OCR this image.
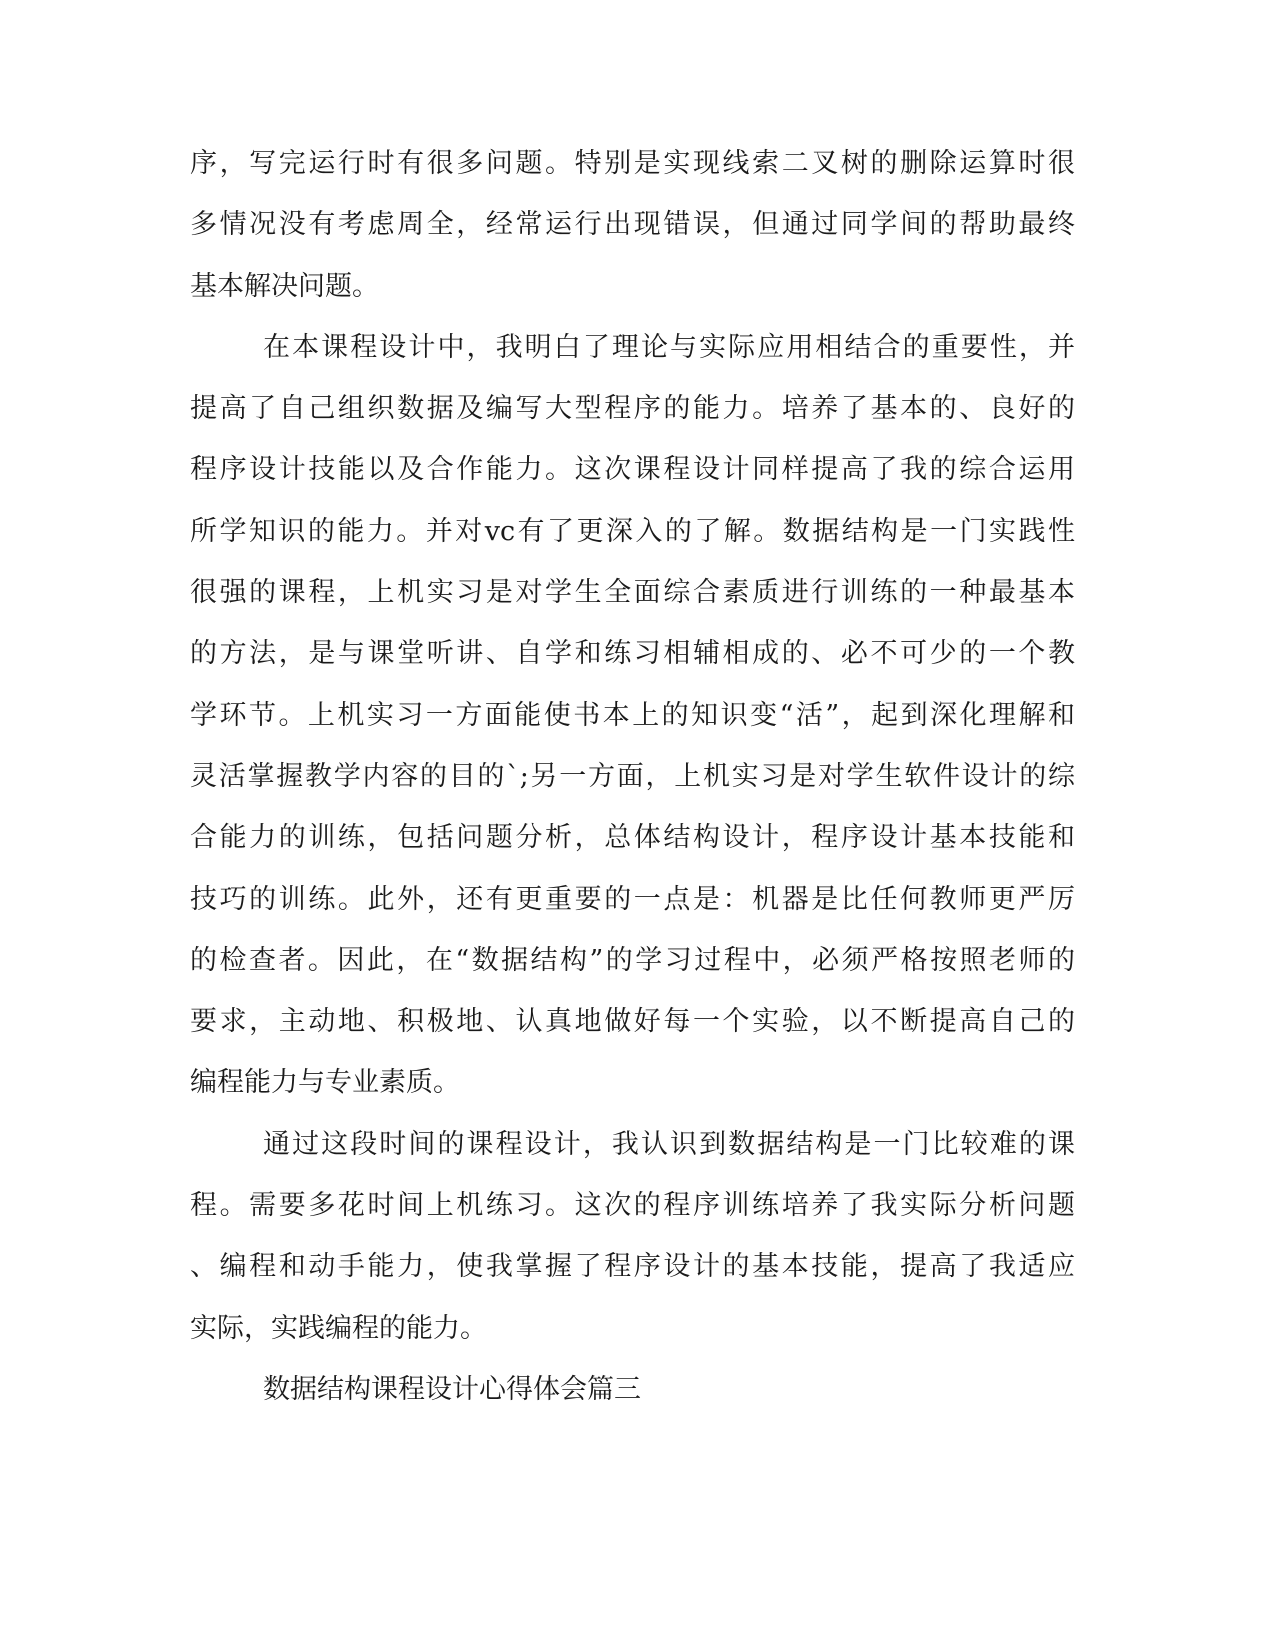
序，写完运行时有很多问题。特别是实现线索二叉树的删除运算时很
多情况没有考虑周全，经常运行出现错误，但通过同学间的帮助最终
基本解决问题。
在本课程设计中，我明白了理论与实际应用相结合的重要性，并
提高了自己组织数据及编写大型程序的能力。培养了基本的、良好的
程序设计技能以及合作能力。这次课程设计同样提高了我的综合运用
所学知识的能力。并对vc有了更深入的了解。数据结构是一门实践性
很强的课程，上机实习是对学生全面综合素质进行训练的一种最基本
的方法，是与课堂听讲、自学和练习相辅相成的、必不可少的一个教
学环节。上机实习一方面能使书本上的知识变“活”，起到深化理解和
灵活掌握教学内容的目的`;另一方面，上机实习是对学生软件设计的综
合能力的训练，包括问题分析，总体结构设计，程序设计基本技能和
技巧的训练。此外，还有更重要的一点是：机器是比任何教师更严厉
的检查者。因此，在“数据结构”的学习过程中，必须严格按照老师的
要求，主动地、积极地、认真地做好每一个实验，以不断提高自己的
编程能力与专业素质。
通过这段时间的课程设计，我认识到数据结构是一门比较难的课
程。需要多花时间上机练习。这次的程序训练培养了我实际分析问题
、编程和动手能力，使我掌握了程序设计的基本技能，提高了我适应
实际，实践编程的能力。
数据结构课程设计心得体会篇三
